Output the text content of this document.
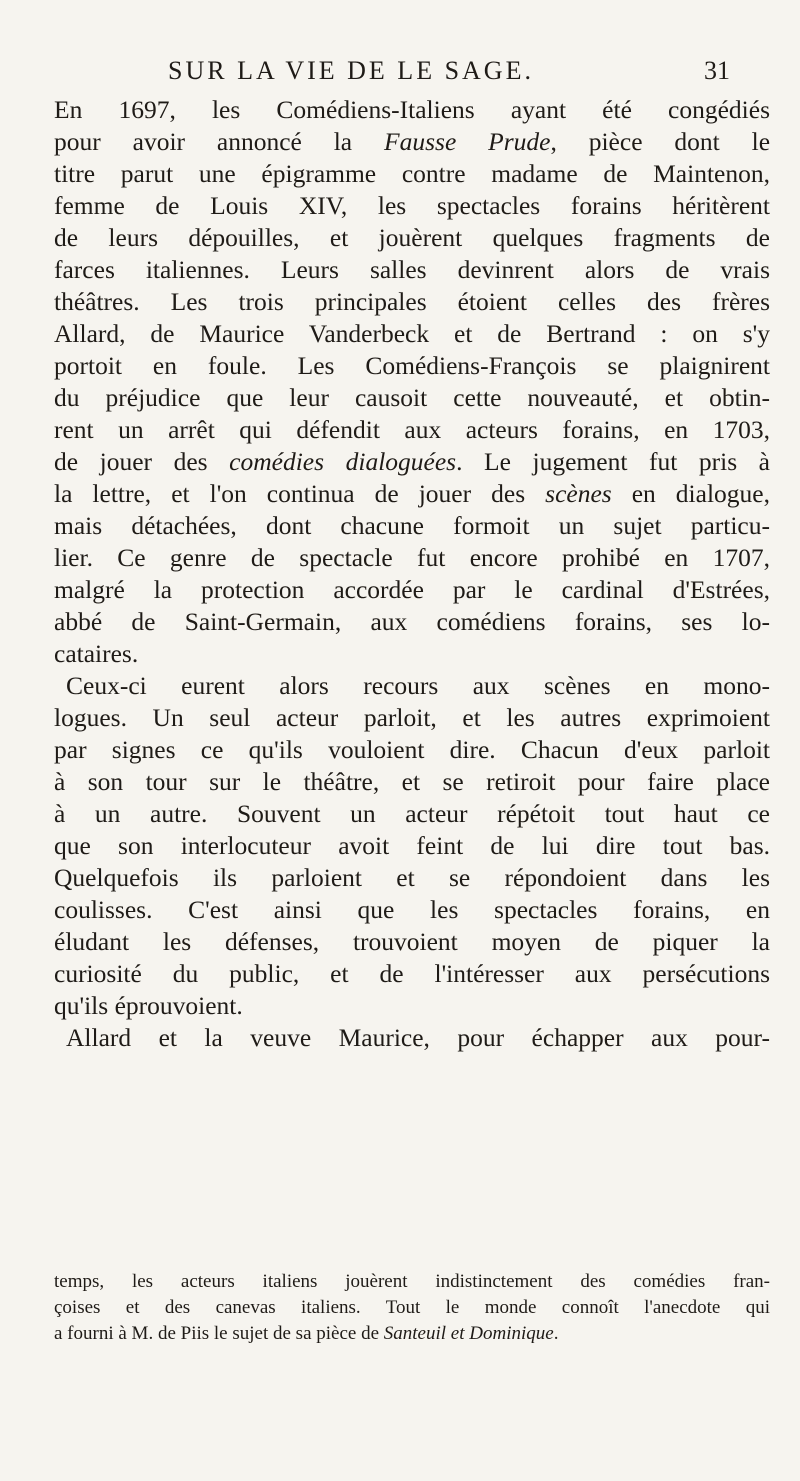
SUR LA VIE DE LE SAGE.	31
En 1697, les Comédiens-Italiens ayant été congédiés
pour avoir annoncé la Fausse Prude, pièce dont le
titre parut une épigramme contre madame de Maintenon,
femme de Louis XIV, les spectacles forains héritèrent
de leurs dépouilles, et jouèrent quelques fragments de
farces italiennes. Leurs salles devinrent alors de vrais
théâtres. Les trois principales étoient celles des frères
Allard, de Maurice Vanderbeck et de Bertrand : on s'y
portoit en foule. Les Comédiens-François se plaignirent
du préjudice que leur causoit cette nouveauté, et obtin-
rent un arrêt qui défendit aux acteurs forains, en 1703,
de jouer des comédies dialoguées. Le jugement fut pris à
la lettre, et l'on continua de jouer des scènes en dialogue,
mais détachées, dont chacune formoit un sujet particu-
lier. Ce genre de spectacle fut encore prohibé en 1707,
malgré la protection accordée par le cardinal d'Estrées,
abbé de Saint-Germain, aux comédiens forains, ses lo-
cataires.
Ceux-ci eurent alors recours aux scènes en mono-
logues. Un seul acteur parloit, et les autres exprimoient
par signes ce qu'ils vouloient dire. Chacun d'eux parloit
à son tour sur le théâtre, et se retiroit pour faire place
à un autre. Souvent un acteur répétoit tout haut ce
que son interlocuteur avoit feint de lui dire tout bas.
Quelquefois ils parloient et se répondoient dans les
coulisses. C'est ainsi que les spectacles forains, en
éludant les défenses, trouvoient moyen de piquer la
curiosité du public, et de l'intéresser aux persécutions
qu'ils éprouvoient.
Allard et la veuve Maurice, pour échapper aux pour-
temps, les acteurs italiens jouèrent indistinctement des comédies fran-
çoises et des canevas italiens. Tout le monde connoît l'anecdote qui
a fourni à M. de Piis le sujet de sa pièce de Santeuil et Dominique.
